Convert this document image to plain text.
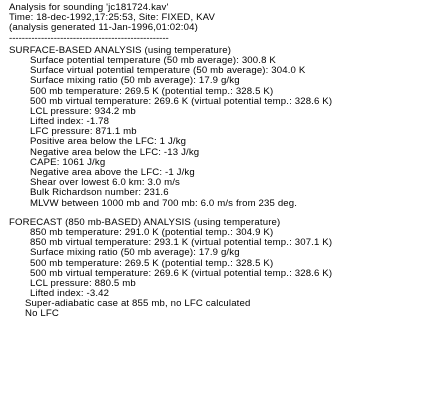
Analysis for sounding 'jc181724.kav'
Time: 18-dec-1992,17:25:53, Site: FIXED, KAV
(analysis generated 11-Jan-1996,01:02:04)
--------------------------------------------------
SURFACE-BASED ANALYSIS (using temperature)
Surface potential temperature (50 mb average): 300.8 K
Surface virtual potential temperature (50 mb average): 304.0 K
Surface mixing ratio (50 mb average): 17.9 g/kg
500 mb temperature: 269.5 K (potential temp.: 328.5 K)
500 mb virtual temperature: 269.6 K (virtual potential temp.: 328.6 K)
LCL pressure: 934.2 mb
Lifted index: -1.78
LFC pressure: 871.1 mb
Positive area below the LFC: 1 J/kg
Negative area below the LFC: -13 J/kg
CAPE: 1061 J/kg
Negative area above the LFC: -1 J/kg
Shear over lowest 6.0 km: 3.0 m/s
Bulk Richardson number: 231.6
MLVW between 1000 mb and 700 mb: 6.0 m/s from 235 deg.
FORECAST (850 mb-BASED) ANALYSIS (using temperature)
850 mb temperature: 291.0 K (potential temp.: 304.9 K)
850 mb virtual temperature: 293.1 K (virtual potential temp.: 307.1 K)
Surface mixing ratio (50 mb average): 17.9 g/kg
500 mb temperature: 269.5 K (potential temp.: 328.5 K)
500 mb virtual temperature: 269.6 K (virtual potential temp.: 328.6 K)
LCL pressure: 880.5 mb
Lifted index: -3.42
Super-adiabatic case at 855 mb, no LFC calculated
No LFC
